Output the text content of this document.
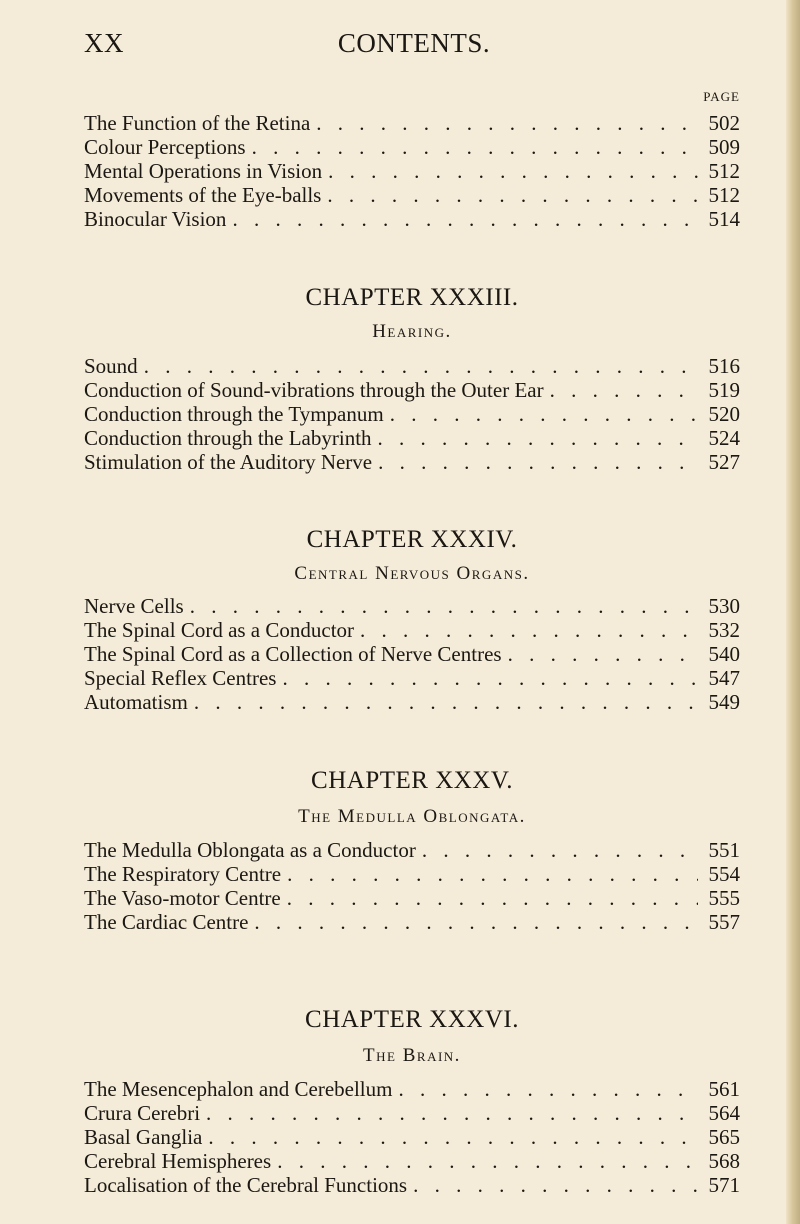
XX	CONTENTS.
PAGE
The Function of the Retina . . .	502
Colour Perceptions . . .	509
Mental Operations in Vision . . .	512
Movements of the Eye-balls . . .	512
Binocular Vision . . .	514
CHAPTER XXXIII.
Hearing.
Sound . . .	516
Conduction of Sound-vibrations through the Outer Ear . . .	519
Conduction through the Tympanum . . .	520
Conduction through the Labyrinth . . .	524
Stimulation of the Auditory Nerve . . .	527
CHAPTER XXXIV.
Central Nervous Organs.
Nerve Cells . . .	530
The Spinal Cord as a Conductor . . .	532
The Spinal Cord as a Collection of Nerve Centres . . .	540
Special Reflex Centres . . .	547
Automatism . . .	549
CHAPTER XXXV.
The Medulla Oblongata.
The Medulla Oblongata as a Conductor . . .	551
The Respiratory Centre . . .	554
The Vaso-motor Centre . . .	555
The Cardiac Centre . . .	557
CHAPTER XXXVI.
The Brain.
The Mesencephalon and Cerebellum . . .	561
Crura Cerebri . . .	564
Basal Ganglia . . .	565
Cerebral Hemispheres . . .	568
Localisation of the Cerebral Functions . . .	571
